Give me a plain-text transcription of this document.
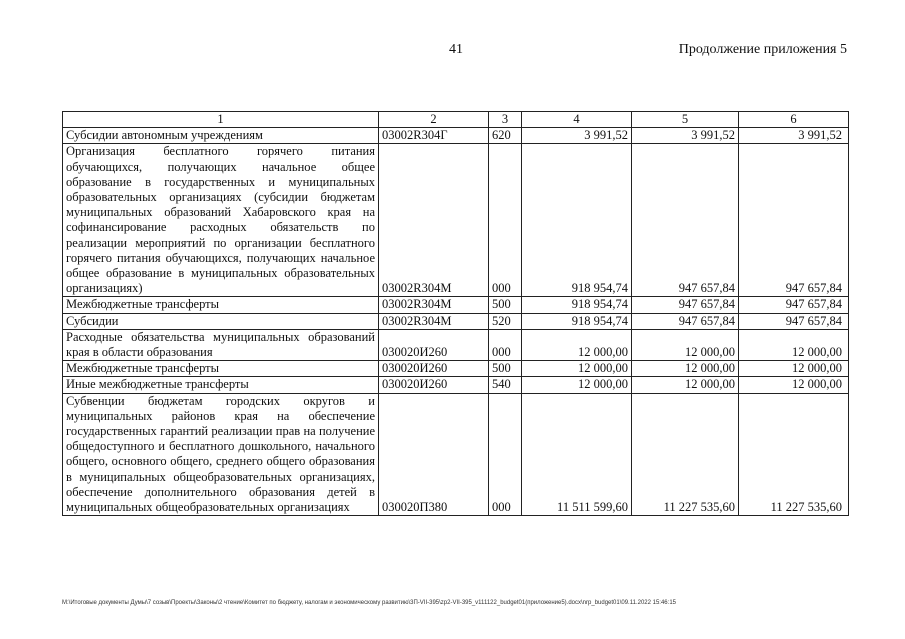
41	Продолжение приложения 5
1	2	3	4	5	6
Субсидии автономным учреждениям	03002R304Г	620	3 991,52	3 991,52	3 991,52
Организация бесплатного горячего питания обучающихся, получающих начальное общее образование в государственных и муниципальных образовательных организациях (субсидии бюджетам муниципальных образований Хабаровского края на софинансирование расходных обязательств по реализации мероприятий по организации бесплатного горячего питания обучающихся, получающих начальное общее образование в муниципальных образовательных организациях)	03002R304М	000	918 954,74	947 657,84	947 657,84
Межбюджетные трансферты	03002R304М	500	918 954,74	947 657,84	947 657,84
Субсидии	03002R304М	520	918 954,74	947 657,84	947 657,84
Расходные обязательства муниципальных образований края в области образования	030020И260	000	12 000,00	12 000,00	12 000,00
Межбюджетные трансферты	030020И260	500	12 000,00	12 000,00	12 000,00
Иные межбюджетные трансферты	030020И260	540	12 000,00	12 000,00	12 000,00
Субвенции бюджетам городских округов и муниципальных районов края на обеспечение государственных гарантий реализации прав на получение общедоступного и бесплатного дошкольного, начального общего, основного общего, среднего общего образования в муниципальных общеобразовательных организациях, обеспечение дополнительного образования детей в муниципальных общеобразовательных организациях	030020П380	000	11 511 599,60	11 227 535,60	11 227 535,60
M:\Итоговые документы Думы\7 созыв\Проекты\Законы\2 чтение\Комитет по бюджету, налогам и экономическому развитию\3П-VII-395\zp2-VII-395_v111122_budget01(приложение5).docx\nrp_budget01\09.11.2022 15:46:15
